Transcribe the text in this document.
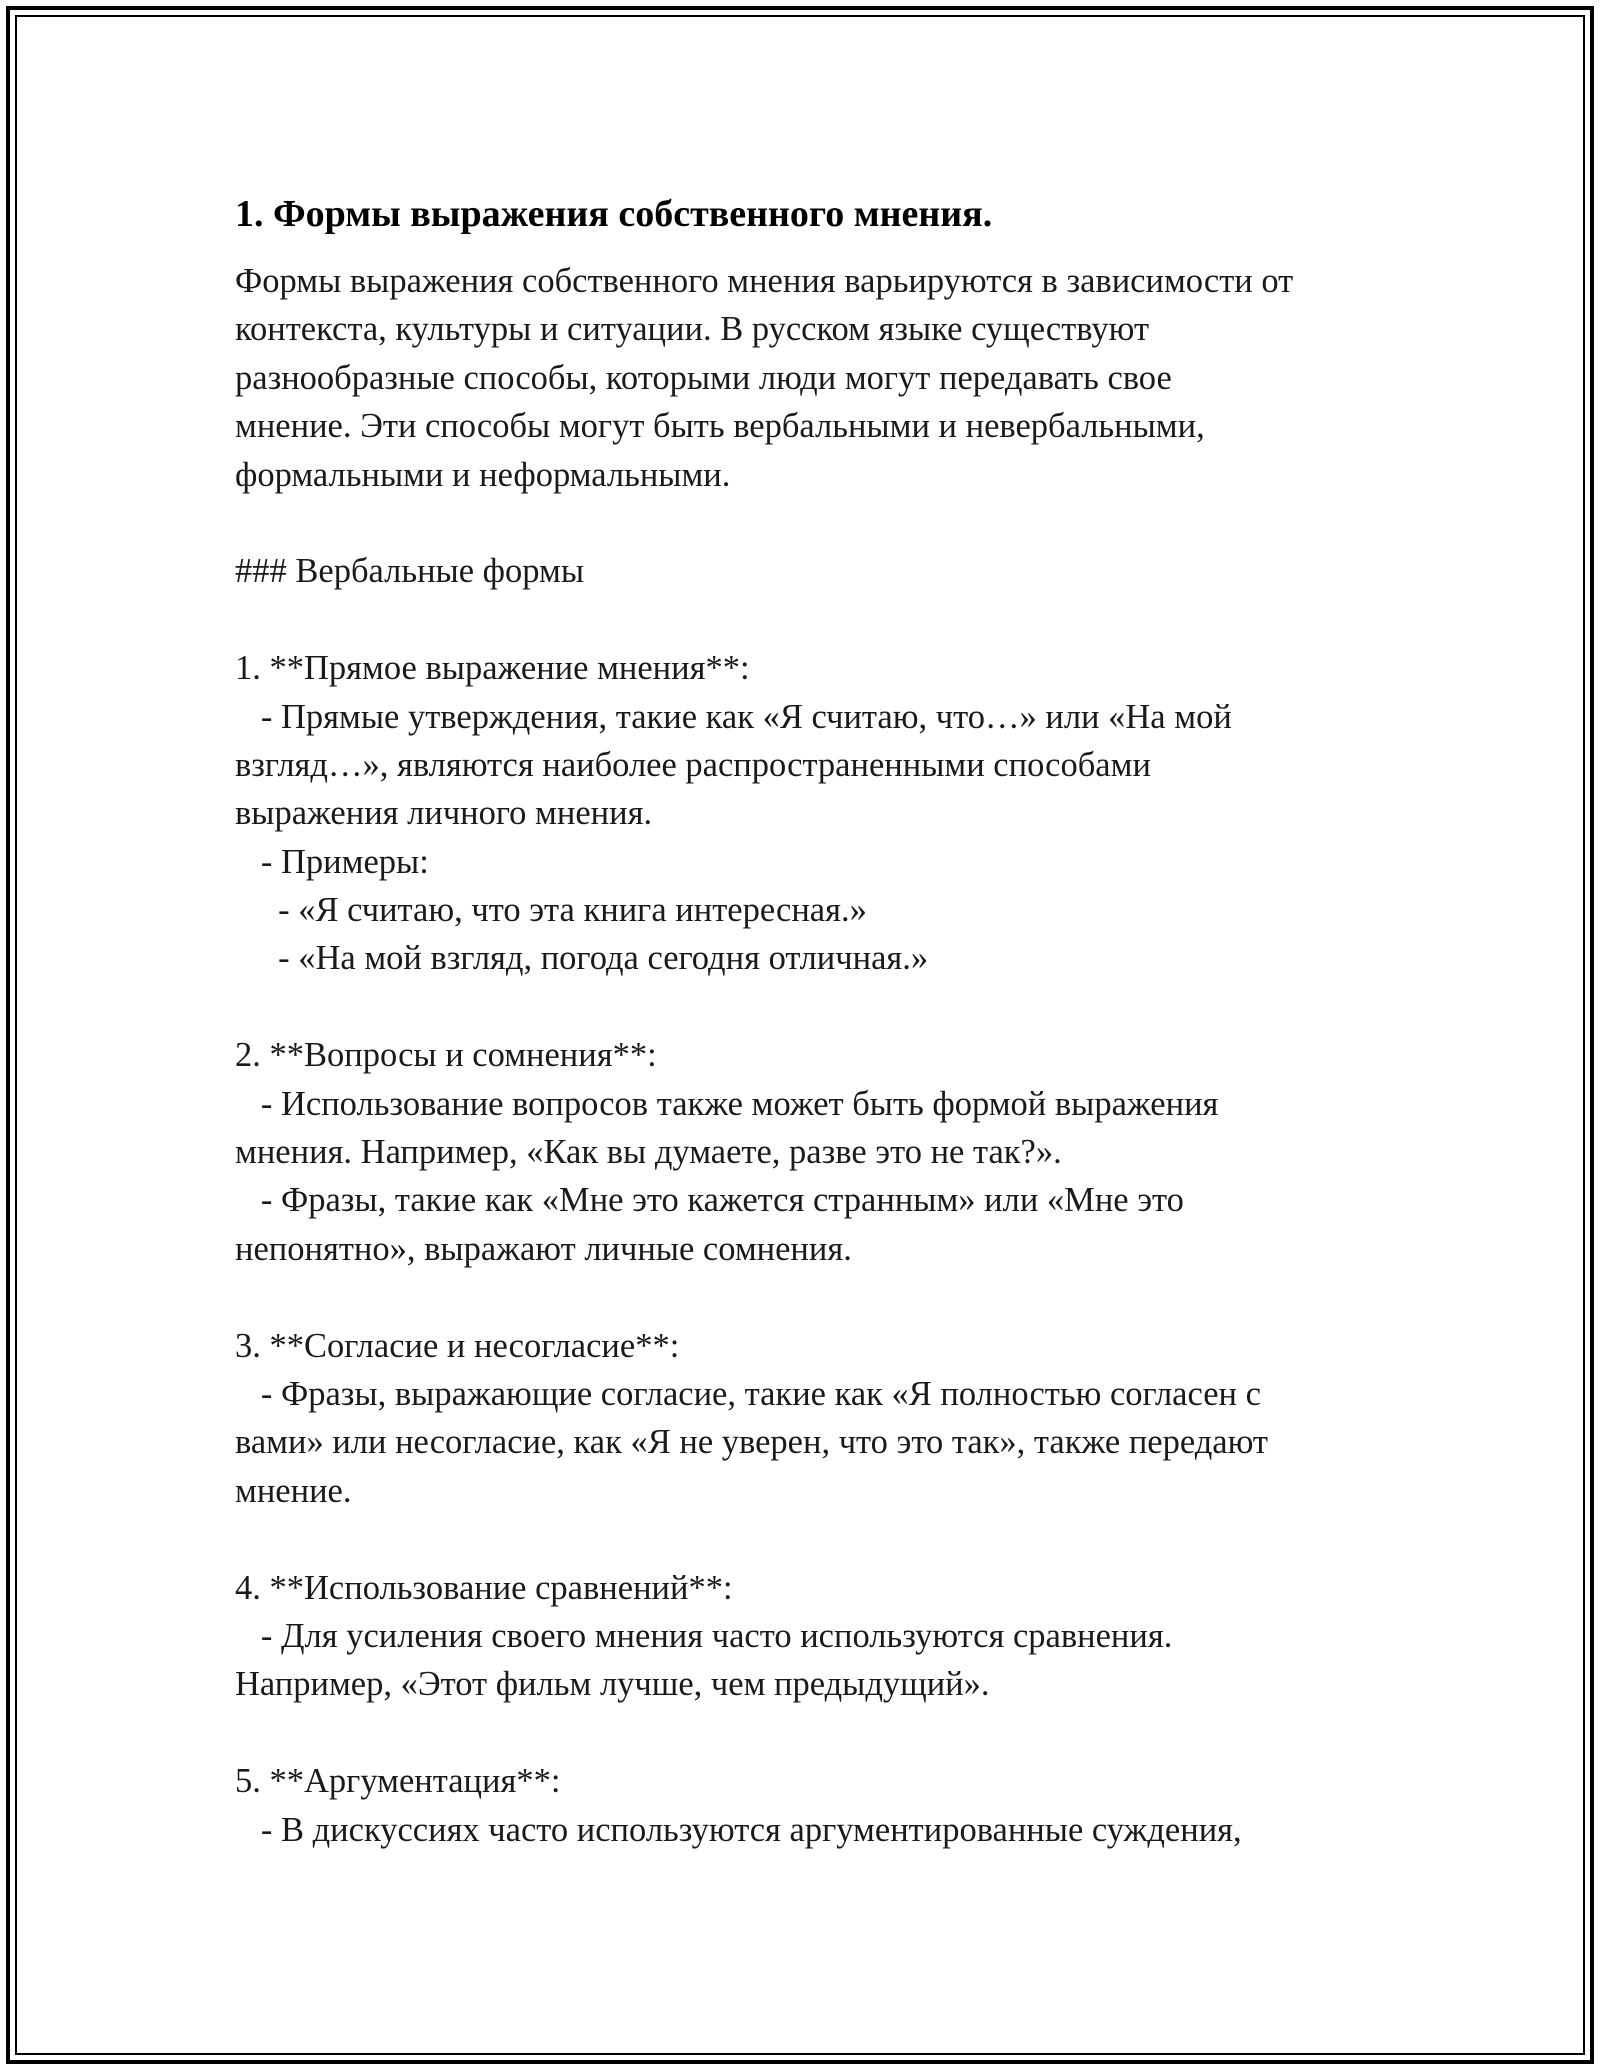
1. Формы выражения собственного мнения.
Формы выражения собственного мнения варьируются в зависимости от
контекста, культуры и ситуации. В русском языке существуют
разнообразные способы, которыми люди могут передавать свое
мнение. Эти способы могут быть вербальными и невербальными,
формальными и неформальными.
### Вербальные формы
1. **Прямое выражение мнения**:
- Прямые утверждения, такие как «Я считаю, что…» или «На мой
взгляд…», являются наиболее распространенными способами
выражения личного мнения.
- Примеры:
- «Я считаю, что эта книга интересная.»
- «На мой взгляд, погода сегодня отличная.»
2. **Вопросы и сомнения**:
- Использование вопросов также может быть формой выражения
мнения. Например, «Как вы думаете, разве это не так?».
- Фразы, такие как «Мне это кажется странным» или «Мне это
непонятно», выражают личные сомнения.
3. **Согласие и несогласие**:
- Фразы, выражающие согласие, такие как «Я полностью согласен с
вами» или несогласие, как «Я не уверен, что это так», также передают
мнение.
4. **Использование сравнений**:
- Для усиления своего мнения часто используются сравнения.
Например, «Этот фильм лучше, чем предыдущий».
5. **Аргументация**:
- В дискуссиях часто используются аргументированные суждения,
